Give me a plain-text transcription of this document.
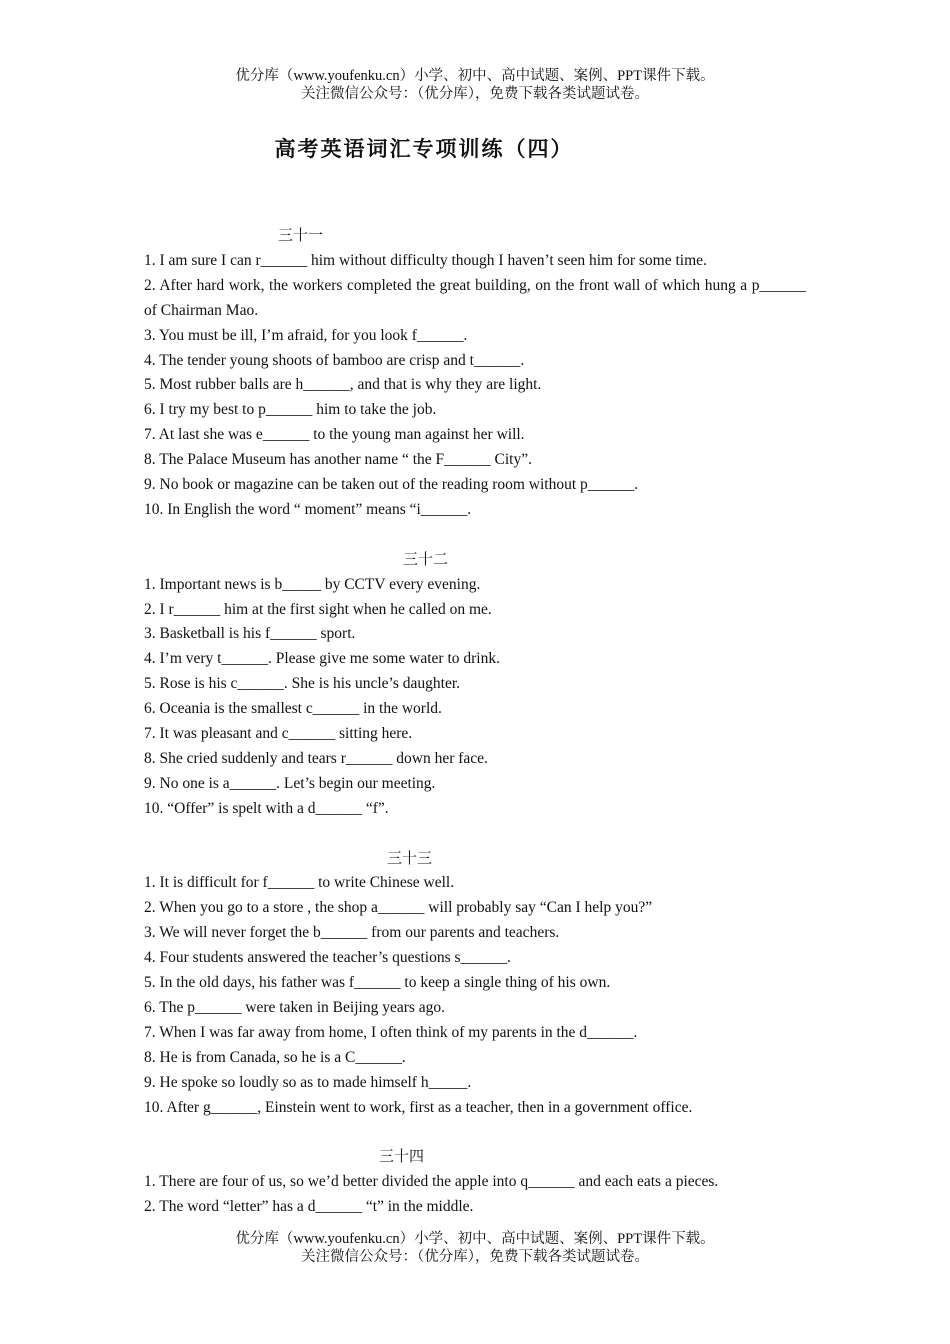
优分库（www.youfenku.cn）小学、初中、高中试题、案例、PPT课件下载。
关注微信公众号：（优分库），免费下载各类试题试卷。
高考英语词汇专项训练（四）
三十一
1. I am sure I can r______ him without difficulty though I haven’t seen him for some time.
2. After hard work, the workers completed the great building, on the front wall of which hung a p______ of Chairman Mao.
3. You must be ill, I’m afraid, for you look f______.
4. The tender young shoots of bamboo are crisp and t______.
5. Most rubber balls are h______, and that is why they are light.
6. I try my best to p______ him to take the job.
7. At last she was e______ to the young man against her will.
8. The Palace Museum has another name “ the F______ City”.
9. No book or magazine can be taken out of the reading room without p______.
10. In English the word “ moment” means “i______.
三十二
1. Important news is b_____ by CCTV every evening.
2. I r______ him at the first sight when he called on me.
3. Basketball is his f______ sport.
4. I’m very t______. Please give me some water to drink.
5. Rose is his c______. She is his uncle’s daughter.
6. Oceania is the smallest c______ in the world.
7. It was pleasant and c______ sitting here.
8. She cried suddenly and tears r______ down her face.
9. No one is a______. Let’s begin our meeting.
10. “Offer” is spelt with a d______ “f”.
三十三
1. It is difficult for f______ to write Chinese well.
2. When you go to a store , the shop a______ will probably say “Can I help you?”
3. We will never forget the b______ from our parents and teachers.
4. Four students answered the teacher’s questions s______.
5. In the old days, his father was f______ to keep a single thing of his own.
6. The p______ were taken in Beijing years ago.
7. When I was far away from home, I often think of my parents in the d______.
8. He is from Canada, so he is a C______.
9. He spoke so loudly so as to made himself h_____.
10. After g______, Einstein went to work, first as a teacher, then in a government office.
三十四
1. There are four of us, so we’d better divided the apple into q______ and each eats a pieces.
2. The word “letter” has a d______ “t” in the middle.
优分库（www.youfenku.cn）小学、初中、高中试题、案例、PPT课件下载。
关注微信公众号：（优分库），免费下载各类试题试卷。
